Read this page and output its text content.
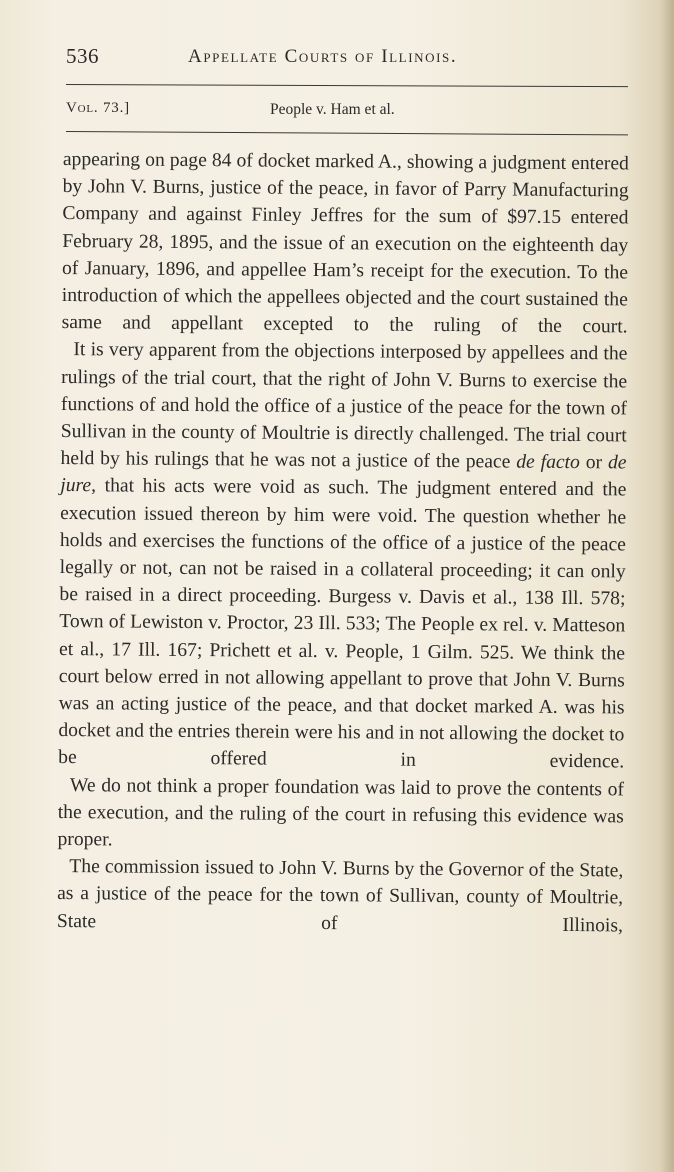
536	Appellate Courts of Illinois.
Vol. 73.]	People v. Ham et al.

appearing on page 84 of docket marked A., showing a judgment entered by John V. Burns, justice of the peace, in favor of Parry Manufacturing Company and against Finley Jeffres for the sum of $97.15 entered February 28, 1895, and the issue of an execution on the eighteenth day of January, 1896, and appellee Ham’s receipt for the execution. To the introduction of which the appellees objected and the court sustained the same and appellant excepted to the ruling of the court.

It is very apparent from the objections interposed by appellees and the rulings of the trial court, that the right of John V. Burns to exercise the functions of and hold the office of a justice of the peace for the town of Sullivan in the county of Moultrie is directly challenged. The trial court held by his rulings that he was not a justice of the peace de facto or de jure, that his acts were void as such. The judgment entered and the execution issued thereon by him were void. The question whether he holds and exercises the functions of the office of a justice of the peace legally or not, can not be raised in a collateral proceeding; it can only be raised in a direct proceeding. Burgess v. Davis et al., 138 Ill. 578; Town of Lewiston v. Proctor, 23 Ill. 533; The People ex rel. v. Matteson et al., 17 Ill. 167; Prichett et al. v. People, 1 Gilm. 525. We think the court below erred in not allowing appellant to prove that John V. Burns was an acting justice of the peace, and that docket marked A. was his docket and the entries therein were his and in not allowing the docket to be offered in evidence.

We do not think a proper foundation was laid to prove the contents of the execution, and the ruling of the court in refusing this evidence was proper.

The commission issued to John V. Burns by the Governor of the State, as a justice of the peace for the town of Sullivan, county of Moultrie, State of Illinois,
